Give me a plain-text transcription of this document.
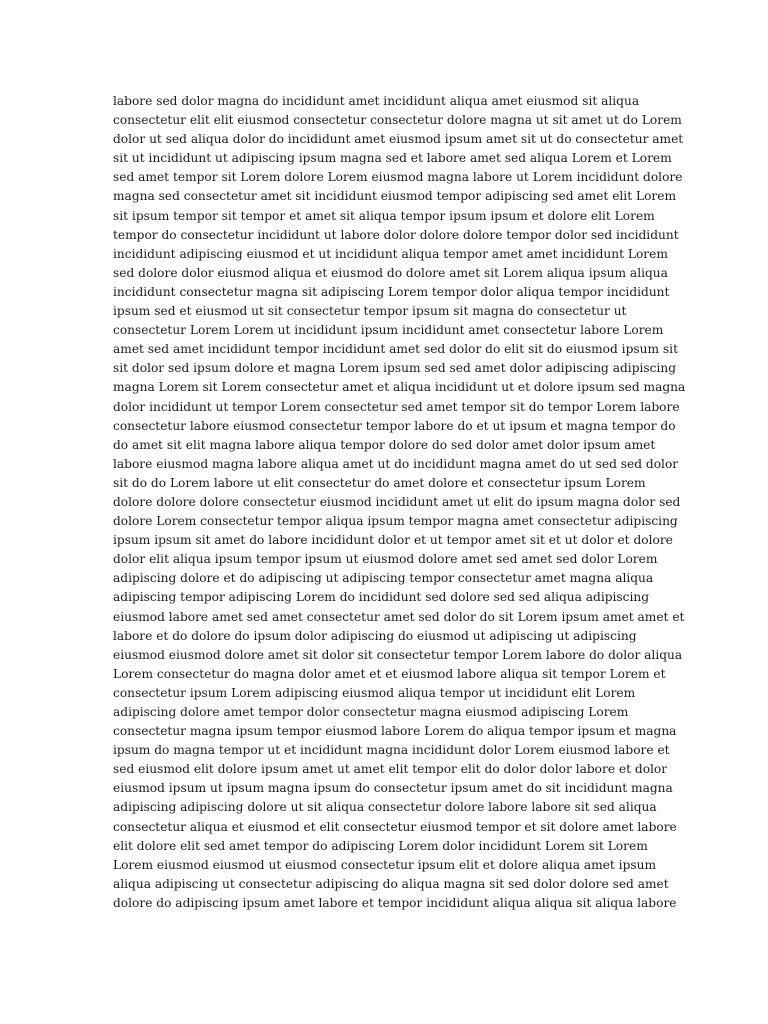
labore sed dolor magna do incididunt amet incididunt aliqua amet eiusmod sit aliqua
consectetur elit elit eiusmod consectetur consectetur dolore magna ut sit amet ut do Lorem
dolor ut sed aliqua dolor do incididunt amet eiusmod ipsum amet sit ut do consectetur amet
sit ut incididunt ut adipiscing ipsum magna sed et labore amet sed aliqua Lorem et Lorem
sed amet tempor sit Lorem dolore Lorem eiusmod magna labore ut Lorem incididunt dolore
magna sed consectetur amet sit incididunt eiusmod tempor adipiscing sed amet elit Lorem
sit ipsum tempor sit tempor et amet sit aliqua tempor ipsum ipsum et dolore elit Lorem
tempor do consectetur incididunt ut labore dolor dolore dolore tempor dolor sed incididunt
incididunt adipiscing eiusmod et ut incididunt aliqua tempor amet amet incididunt Lorem
sed dolore dolor eiusmod aliqua et eiusmod do dolore amet sit Lorem aliqua ipsum aliqua
incididunt consectetur magna sit adipiscing Lorem tempor dolor aliqua tempor incididunt
ipsum sed et eiusmod ut sit consectetur tempor ipsum sit magna do consectetur ut
consectetur Lorem Lorem ut incididunt ipsum incididunt amet consectetur labore Lorem
amet sed amet incididunt tempor incididunt amet sed dolor do elit sit do eiusmod ipsum sit
sit dolor sed ipsum dolore et magna Lorem ipsum sed sed amet dolor adipiscing adipiscing
magna Lorem sit Lorem consectetur amet et aliqua incididunt ut et dolore ipsum sed magna
dolor incididunt ut tempor Lorem consectetur sed amet tempor sit do tempor Lorem labore
consectetur labore eiusmod consectetur tempor labore do et ut ipsum et magna tempor do
do amet sit elit magna labore aliqua tempor dolore do sed dolor amet dolor ipsum amet
labore eiusmod magna labore aliqua amet ut do incididunt magna amet do ut sed sed dolor
sit do do Lorem labore ut elit consectetur do amet dolore et consectetur ipsum Lorem
dolore dolore dolore consectetur eiusmod incididunt amet ut elit do ipsum magna dolor sed
dolore Lorem consectetur tempor aliqua ipsum tempor magna amet consectetur adipiscing
ipsum ipsum sit amet do labore incididunt dolor et ut tempor amet sit et ut dolor et dolore
dolor elit aliqua ipsum tempor ipsum ut eiusmod dolore amet sed amet sed dolor Lorem
adipiscing dolore et do adipiscing ut adipiscing tempor consectetur amet magna aliqua
adipiscing tempor adipiscing Lorem do incididunt sed dolore sed sed aliqua adipiscing
eiusmod labore amet sed amet consectetur amet sed dolor do sit Lorem ipsum amet amet et
labore et do dolore do ipsum dolor adipiscing do eiusmod ut adipiscing ut adipiscing
eiusmod eiusmod dolore amet sit dolor sit consectetur tempor Lorem labore do dolor aliqua
Lorem consectetur do magna dolor amet et et eiusmod labore aliqua sit tempor Lorem et
consectetur ipsum Lorem adipiscing eiusmod aliqua tempor ut incididunt elit Lorem
adipiscing dolore amet tempor dolor consectetur magna eiusmod adipiscing Lorem
consectetur magna ipsum tempor eiusmod labore Lorem do aliqua tempor ipsum et magna
ipsum do magna tempor ut et incididunt magna incididunt dolor Lorem eiusmod labore et
sed eiusmod elit dolore ipsum amet ut amet elit tempor elit do dolor dolor labore et dolor
eiusmod ipsum ut ipsum magna ipsum do consectetur ipsum amet do sit incididunt magna
adipiscing adipiscing dolore ut sit aliqua consectetur dolore labore labore sit sed aliqua
consectetur aliqua et eiusmod et elit consectetur eiusmod tempor et sit dolore amet labore
elit dolore elit sed amet tempor do adipiscing Lorem dolor incididunt Lorem sit Lorem
Lorem eiusmod eiusmod ut eiusmod consectetur ipsum elit et dolore aliqua amet ipsum
aliqua adipiscing ut consectetur adipiscing do aliqua magna sit sed dolor dolore sed amet
dolore do adipiscing ipsum amet labore et tempor incididunt aliqua aliqua sit aliqua labore
